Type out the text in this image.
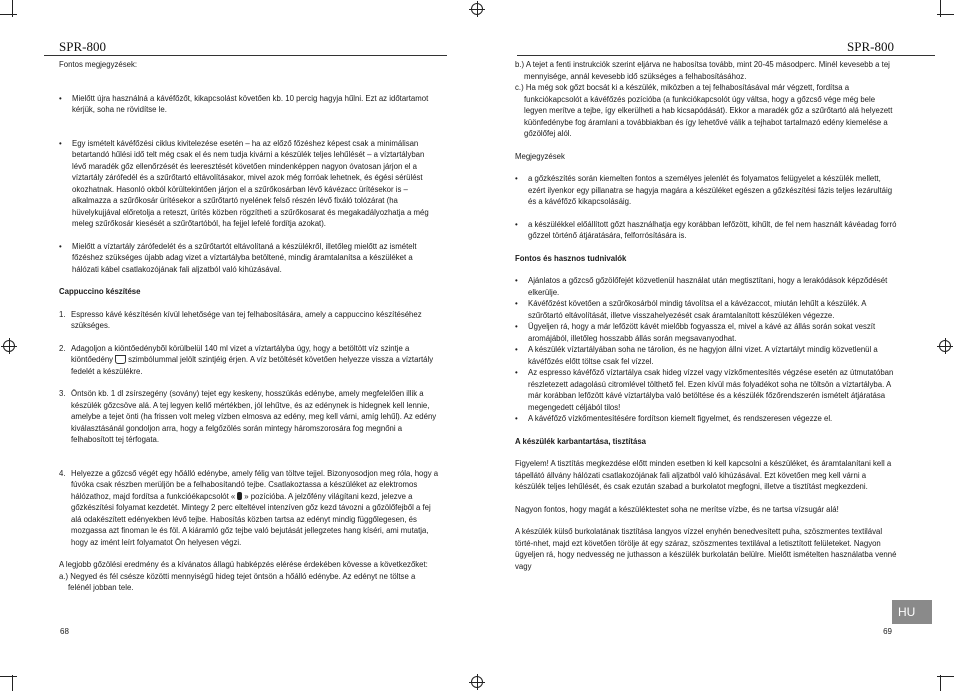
SPR-800

Fontos megjegyzések:

• Mielőtt újra használná a kávéfőzőt, kikapcsolást követően kb. 10 percig hagyja hűlni. Ezt az időtartamot kérjük, soha ne rövidítse le.

• Egy ismételt kávéfőzési ciklus kivitelezése esetén – ha az előző főzéshez képest csak a minimálisan betartandó hűlési idő telt még csak el és nem tudja kivárni a készülék teljes lehűlését – a víztartályban lévő maradék gőz ellenőrzését és leeresztését követően mindenképpen nagyon óvatosan járjon el a víztartály zárófedél és a szűrőtartó eltávolításakor, mivel azok még forróak lehetnek, és égési sérülést okozhatnak. Hasonló okból körültekintően járjon el a szűrőkosárban lévő kávézacc ürítésekor is – alkalmazza a szűrőkosár ürítésekor a szűrőtartó nyelének felső részén lévő fixáló tolózárat (ha hüvelykujjával előretolja a reteszt, ürítés közben rögzítheti a szűrőkosarat és megakadályozhatja a még meleg szűrőkosár kiesését a szűrőtartóból, ha fejjel lefelé fordítja azokat).

• Mielőtt a víztartály zárófedelét és a szűrőtartót eltávolítaná a készülékről, illetőleg mielőtt az ismételt főzéshez szükséges újabb adag vizet a víztartályba betöltené, mindig áramtalanítsa a készüléket a hálózati kábel csatlakozójának fali aljzatból való kihúzásával.

Cappuccino készítése

1. Espresso kávé készítésén kívül lehetősége van tej felhabosítására, amely a cappuccino készítéséhez szükséges.

2. Adagoljon a kiöntőedénybõl körülbelül 140 ml vizet a víztartályba úgy, hogy a betöltött víz szintje a kiöntőedény szimbólummal jelölt szintjéig érjen. A víz betöltését követően helyezze vissza a víztartály fedelét a készülékre.

3. Öntsön kb. 1 dl zsírszegény (sovány) tejet egy keskeny, hosszúkás edénybe, amely megfelelően illik a készülék gőzcsöve alá. A tej legyen kellő mértékben, jól lehűtve, és az edénynek is hidegnek kell lennie, amelybe a tejet önti (ha frissen volt meleg vízben elmosva az edény, meg kell várni, amíg lehűl). Az edény kiválasztásánál gondoljon arra, hogy a felgőzölés során mintegy háromszorosára fog megnőni a felhabosított tej térfogata.

4. Helyezze a gőzcső végét egy hőálló edénybe, amely félig van töltve tejjel. Bizonyosodjon meg róla, hogy a fúvóka csak részben merüljön be a felhabosítandó tejbe. Csatlakoztassa a készüléket az elektromos hálózathoz, majd fordítsa a funkcióékapcsolót « » pozícióba. A jelzőfény világítani kezd, jelezve a gőzkészítési folyamat kezdetét. Mintegy 2 perc elteltével intenzíven gőz kezd távozni a gőzölőfejből a fej alá odakészített edényekben lévő tejbe. Habosítás közben tartsa az edényt mindig függőlegesen, és mozgassa azt finoman le és föl. A kiáramló gőz tejbe való bejutását jellegzetes hang kíséri, ami mutatja, hogy az imént leírt folyamatot Ön helyesen végzi.

A legjobb gőzölési eredmény és a kívánatos állagú habképzés elérése érdekében kövesse a következőket:

a.) Negyed és fél csésze közötti mennyiségű hideg tejet öntsön a hőálló edénybe. Az edényt ne töltse a felénél jobban tele.

68
SPR-800

b.) A tejet a fenti instrukciók szerint eljárva ne habosítsa tovább, mint 20-45 másodperc. Minél kevesebb a tej mennyisége, annál kevesebb idő szükséges a felhabosításához.

c.) Ha még sok gőzt bocsát ki a készülék, miközben a tej felhabosításával már végzett, fordítsa a funkciókapcsolót a kávéfőzés pozícióba (a funkciókapcsolót úgy váltsa, hogy a gőzcső vége még bele legyen merítve a tejbe, így elkerülheti a hab kicsapódását). Ekkor a maradék gőz a szűrőtartó alá helyezett küönfedénybe fog áramlani a továbbiakban és így lehetővé válik a tejhabot tartalmazó edény kiemelése a gőzölőfej alól.

Megjegyzések

• a gőzkészítés során kiemelten fontos a személyes jelenlét és folyamatos felügyelet a készülék mellett, ezért ilyenkor egy pillanatra se hagyja magára a készüléket egészen a gőzkészítési fázis teljes lezárultáig és a kávéfőző kikapcsolásáig.

• a készülékkel előállított gőzt használhatja egy korábban lefőzött, kihűlt, de fel nem használt kávéadag forró gőzzel történő átjáratására, felforrósítására is.

Fontos és hasznos tudnivalók

• Ajánlatos a gőzcső gőzölőfejét közvetlenül használat után megtisztítani, hogy a lerakódások képződését elkerülje.

• Kávéfőzést követően a szűrőkosárból mindig távolítsa el a kávézaccot, miután lehűlt a készülék. A szűrőtartó eltávolítását, illetve visszahelyezését csak áramtalanított készüléken végezze.

• Ügyeljen rá, hogy a már lefőzött kávét mielőbb fogyassza el, mivel a kávé az állás során sokat veszít aromájából, illetőleg hosszabb állás során megsavanyodhat.

• A készülék víztartályában soha ne tárolion, és ne hagyjon állni vizet. A víztartályt mindig közvetlenül a kávéfőzés előtt töltse csak fel vízzel.

• Az espresso kávéfőző víztartálya csak hideg vízzel vagy vízkőmentesítés végzése esetén az útmutatóban részletezett adagolású citromlével tölthető fel. Ezen kívül más folyadékot soha ne töltsön a víztartályba. A már korábban lefőzött kávé víztartályba való betöltése és a készülék főzőrendszerén ismételt átjáratása megengedett céljából tilos!

• A kávéfőző vízkőmentesítésére fordítson kiemelt figyelmet, és rendszeresen végezze el.

A készülék karbantartása, tisztítása

Figyelem! A tisztítás megkezdése előtt minden esetben ki kell kapcsolni a készüléket, és áramtalanítani kell a tápellátó állvány hálózati csatlakozójának fali aljzatból való kihúzásával. Ezt követően meg kell várni a készülék teljes lehűlését, és csak ezután szabad a burkolatot megfogni, illetve a tisztítást megkezdeni.

Nagyon fontos, hogy magát a készüléktestet soha ne merítse vízbe, és ne tartsa vízsugár alá!

A készülék külső burkolatának tisztítása langyos vízzel enyhén benedvesített puha, szöszmentes textilával törté-nhet, majd ezt követően törölje át egy száraz, szöszmentes textilával a letisztított felületeket. Nagyon ügyeljen rá, hogy nedvesség ne juthasson a készülék burkolatán belülre. Mielőtt ismételten használatba venné vagy

69
HU
